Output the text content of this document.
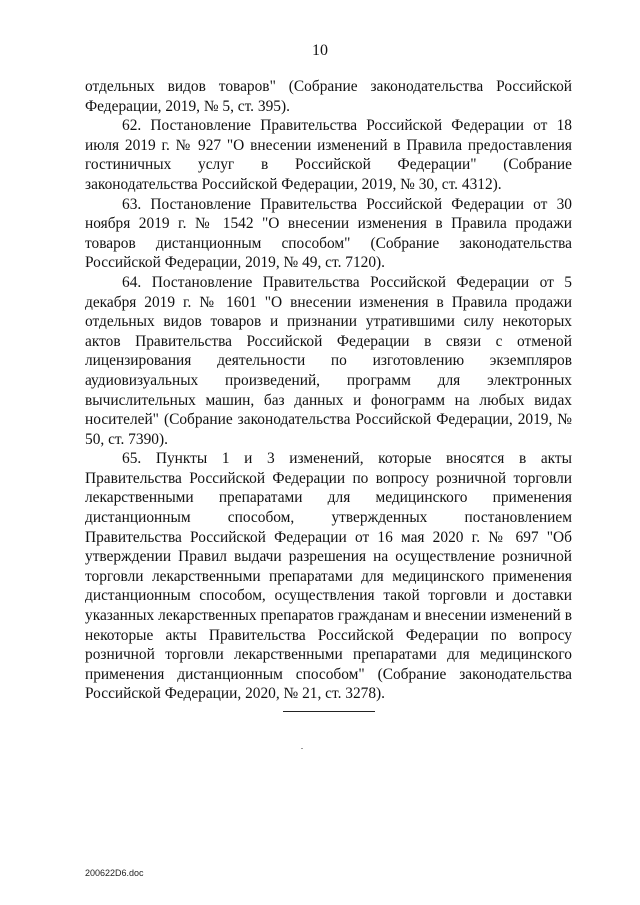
10

отдельных видов товаров" (Собрание законодательства Российской Федерации, 2019, № 5, ст. 395).

62. Постановление Правительства Российской Федерации от 18 июля 2019 г. № 927 "О внесении изменений в Правила предоставления гостиничных услуг в Российской Федерации" (Собрание законодательства Российской Федерации, 2019, № 30, ст. 4312).

63. Постановление Правительства Российской Федерации от 30 ноября 2019 г. № 1542 "О внесении изменения в Правила продажи товаров дистанционным способом" (Собрание законодательства Российской Федерации, 2019, № 49, ст. 7120).

64. Постановление Правительства Российской Федерации от 5 декабря 2019 г. № 1601 "О внесении изменения в Правила продажи отдельных видов товаров и признании утратившими силу некоторых актов Правительства Российской Федерации в связи с отменой лицензирования деятельности по изготовлению экземпляров аудиовизуальных произведений, программ для электронных вычислительных машин, баз данных и фонограмм на любых видах носителей" (Собрание законодательства Российской Федерации, 2019, № 50, ст. 7390).

65. Пункты 1 и 3 изменений, которые вносятся в акты Правительства Российской Федерации по вопросу розничной торговли лекарственными препаратами для медицинского применения дистанционным способом, утвержденных постановлением Правительства Российской Федерации от 16 мая 2020 г. № 697 "Об утверждении Правил выдачи разрешения на осуществление розничной торговли лекарственными препаратами для медицинского применения дистанционным способом, осуществления такой торговли и доставки указанных лекарственных препаратов гражданам и внесении изменений в некоторые акты Правительства Российской Федерации по вопросу розничной торговли лекарственными препаратами для медицинского применения дистанционным способом" (Собрание законодательства Российской Федерации, 2020, № 21, ст. 3278).

200622D6.doc
